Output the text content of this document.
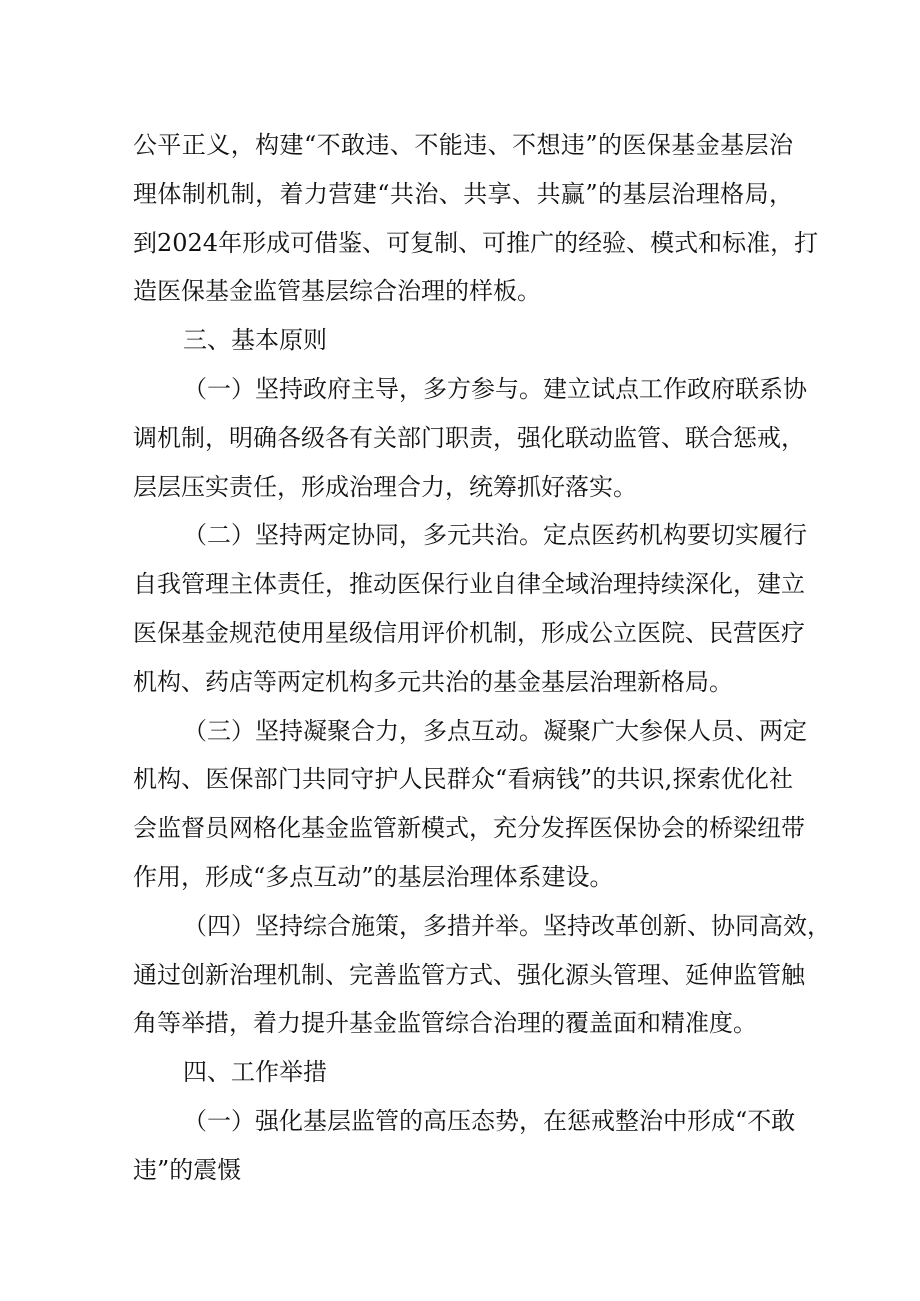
公平正义，构建“不敢违、不能违、不想违”的医保基金基层治
理体制机制，着力营建“共治、共享、共赢”的基层治理格局，
到2024年形成可借鉴、可复制、可推广的经验、模式和标准，打
造医保基金监管基层综合治理的样板。
三、基本原则
（一）坚持政府主导，多方参与。建立试点工作政府联系协
调机制，明确各级各有关部门职责，强化联动监管、联合惩戒，
层层压实责任，形成治理合力，统筹抓好落实。
（二）坚持两定协同，多元共治。定点医药机构要切实履行
自我管理主体责任，推动医保行业自律全域治理持续深化，建立
医保基金规范使用星级信用评价机制，形成公立医院、民营医疗
机构、药店等两定机构多元共治的基金基层治理新格局。
（三）坚持凝聚合力，多点互动。凝聚广大参保人员、两定
机构、医保部门共同守护人民群众“看病钱”的共识,探索优化社
会监督员网格化基金监管新模式，充分发挥医保协会的桥梁纽带
作用，形成“多点互动”的基层治理体系建设。
（四）坚持综合施策，多措并举。坚持改革创新、协同高效，
通过创新治理机制、完善监管方式、强化源头管理、延伸监管触
角等举措，着力提升基金监管综合治理的覆盖面和精准度。
四、工作举措
（一）强化基层监管的高压态势，在惩戒整治中形成“不敢
违”的震慑
